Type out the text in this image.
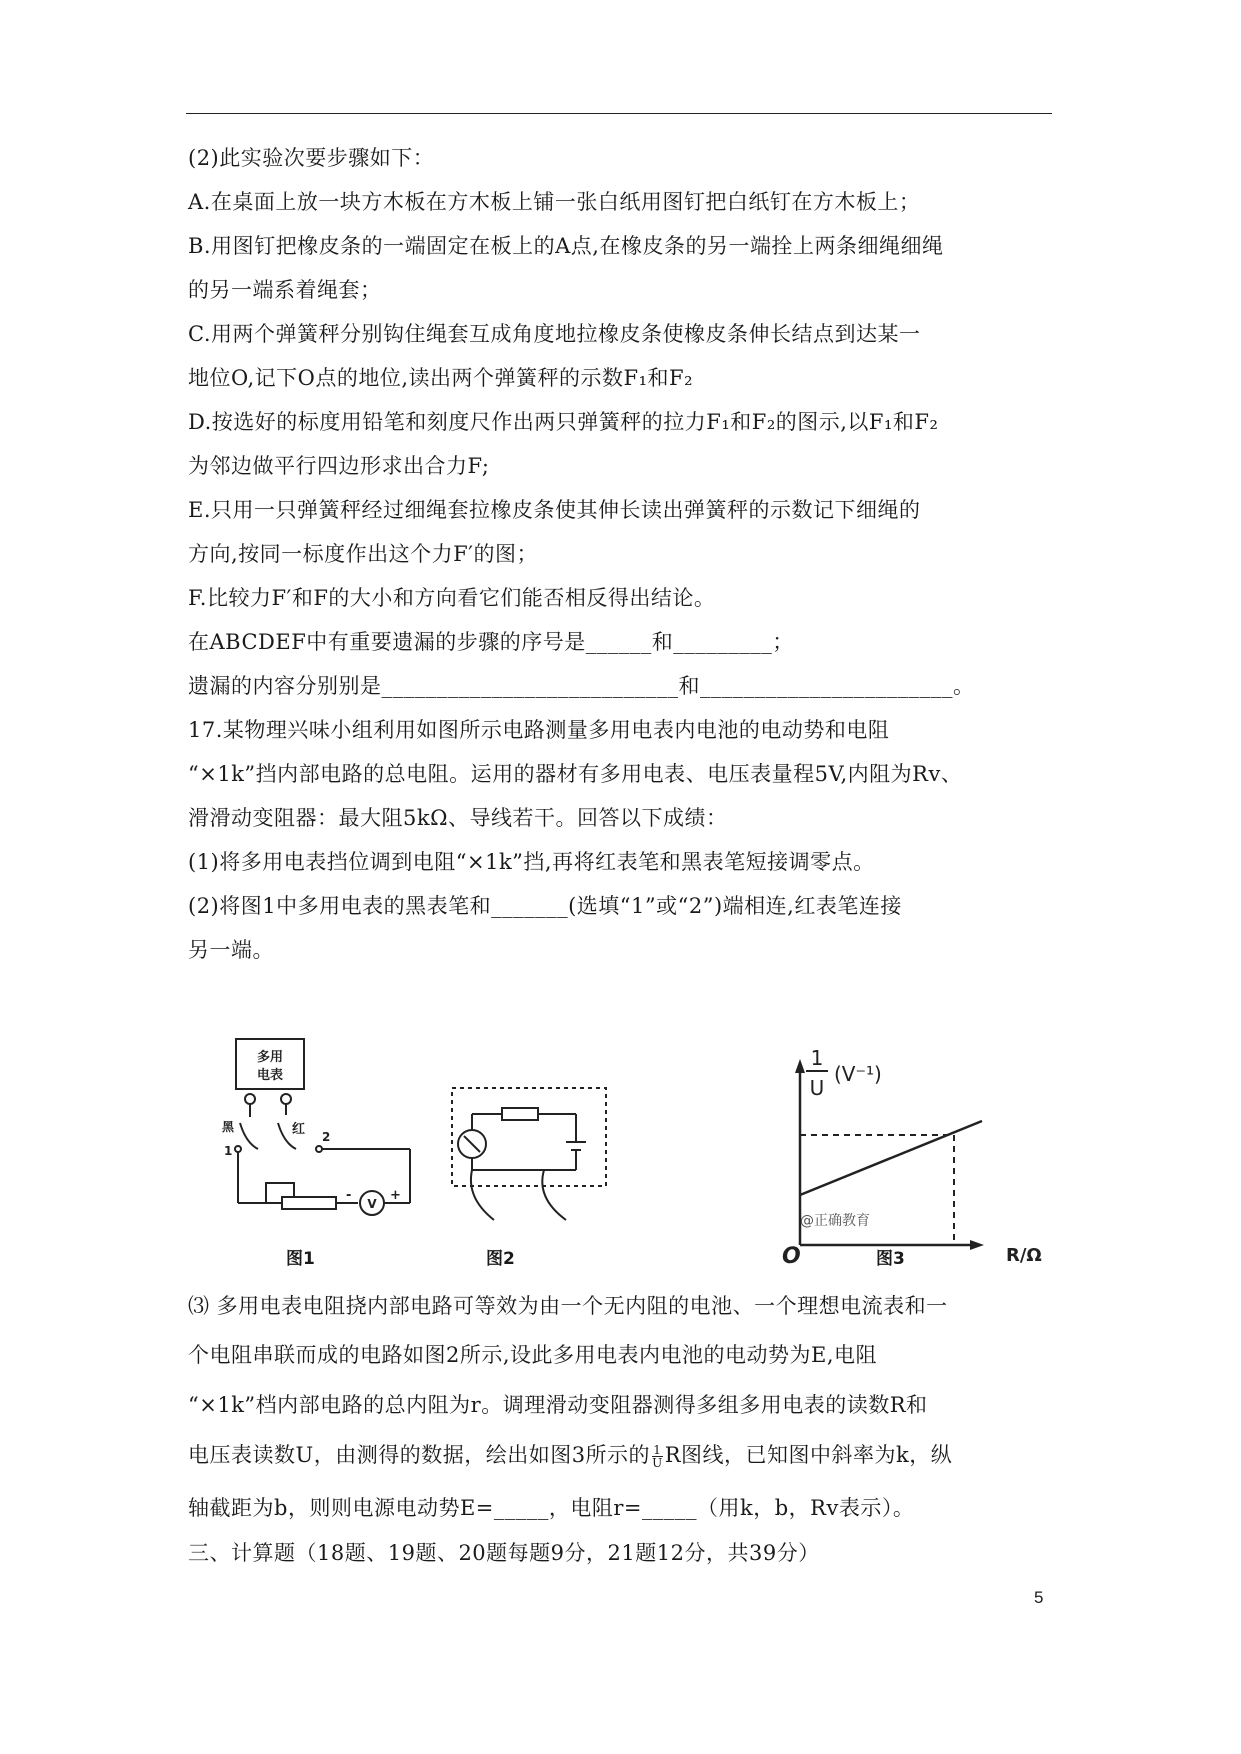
(2)此实验次要步骤如下：
A.在桌面上放一块方木板在方木板上铺一张白纸用图钉把白纸钉在方木板上；
B.用图钉把橡皮条的一端固定在板上的A点,在橡皮条的另一端拴上两条细绳细绳
的另一端系着绳套；
C.用两个弹簧秤分别钩住绳套互成角度地拉橡皮条使橡皮条伸长结点到达某一
地位O,记下O点的地位,读出两个弹簧秤的示数F₁和F₂
D.按选好的标度用铅笔和刻度尺作出两只弹簧秤的拉力F₁和F₂的图示,以F₁和F₂
为邻边做平行四边形求出合力F;
E.只用一只弹簧秤经过细绳套拉橡皮条使其伸长读出弹簧秤的示数记下细绳的
方向,按同一标度作出这个力F′的图；
F.比较力F′和F的大小和方向看它们能否相反得出结论。
在ABCDEF中有重要遗漏的步骤的序号是______和_________；
遗漏的内容分别别是___________________________和_______________________。
17.某物理兴味小组利用如图所示电路测量多用电表内电池的电动势和电阻
“×1k”挡内部电路的总电阻。运用的器材有多用电表、电压表量程5V,内阻为Rv、
滑滑动变阻器：最大阻5kΩ、导线若干。回答以下成绩：
(1)将多用电表挡位调到电阻“×1k”挡,再将红表笔和黑表笔短接调零点。
(2)将图1中多用电表的黑表笔和_______(选填“1”或“2”)端相连,红表笔连接
另一端。
多用
电表
黑	红
1
2
V
-	+
图1	图2
1
U
(V⁻¹)
O	R/Ω
@正确教育
图3
⑶ 多用电表电阻挠内部电路可等效为由一个无内阻的电池、一个理想电流表和一
个电阻串联而成的电路如图2所示,设此多用电表内电池的电动势为E,电阻
“×1k”档内部电路的总内阻为r。调理滑动变阻器测得多组多用电表的读数R和
电压表读数U，由测得的数据，绘出如图3所示的 $\frac{1}{U}$ R图线，已知图中斜率为k，纵
轴截距为b，则则电源电动势E=_____，电阻r=_____（用k，b，Rv表示）。
三、计算题（18题、19题、20题每题9分，21题12分，共39分）
5
